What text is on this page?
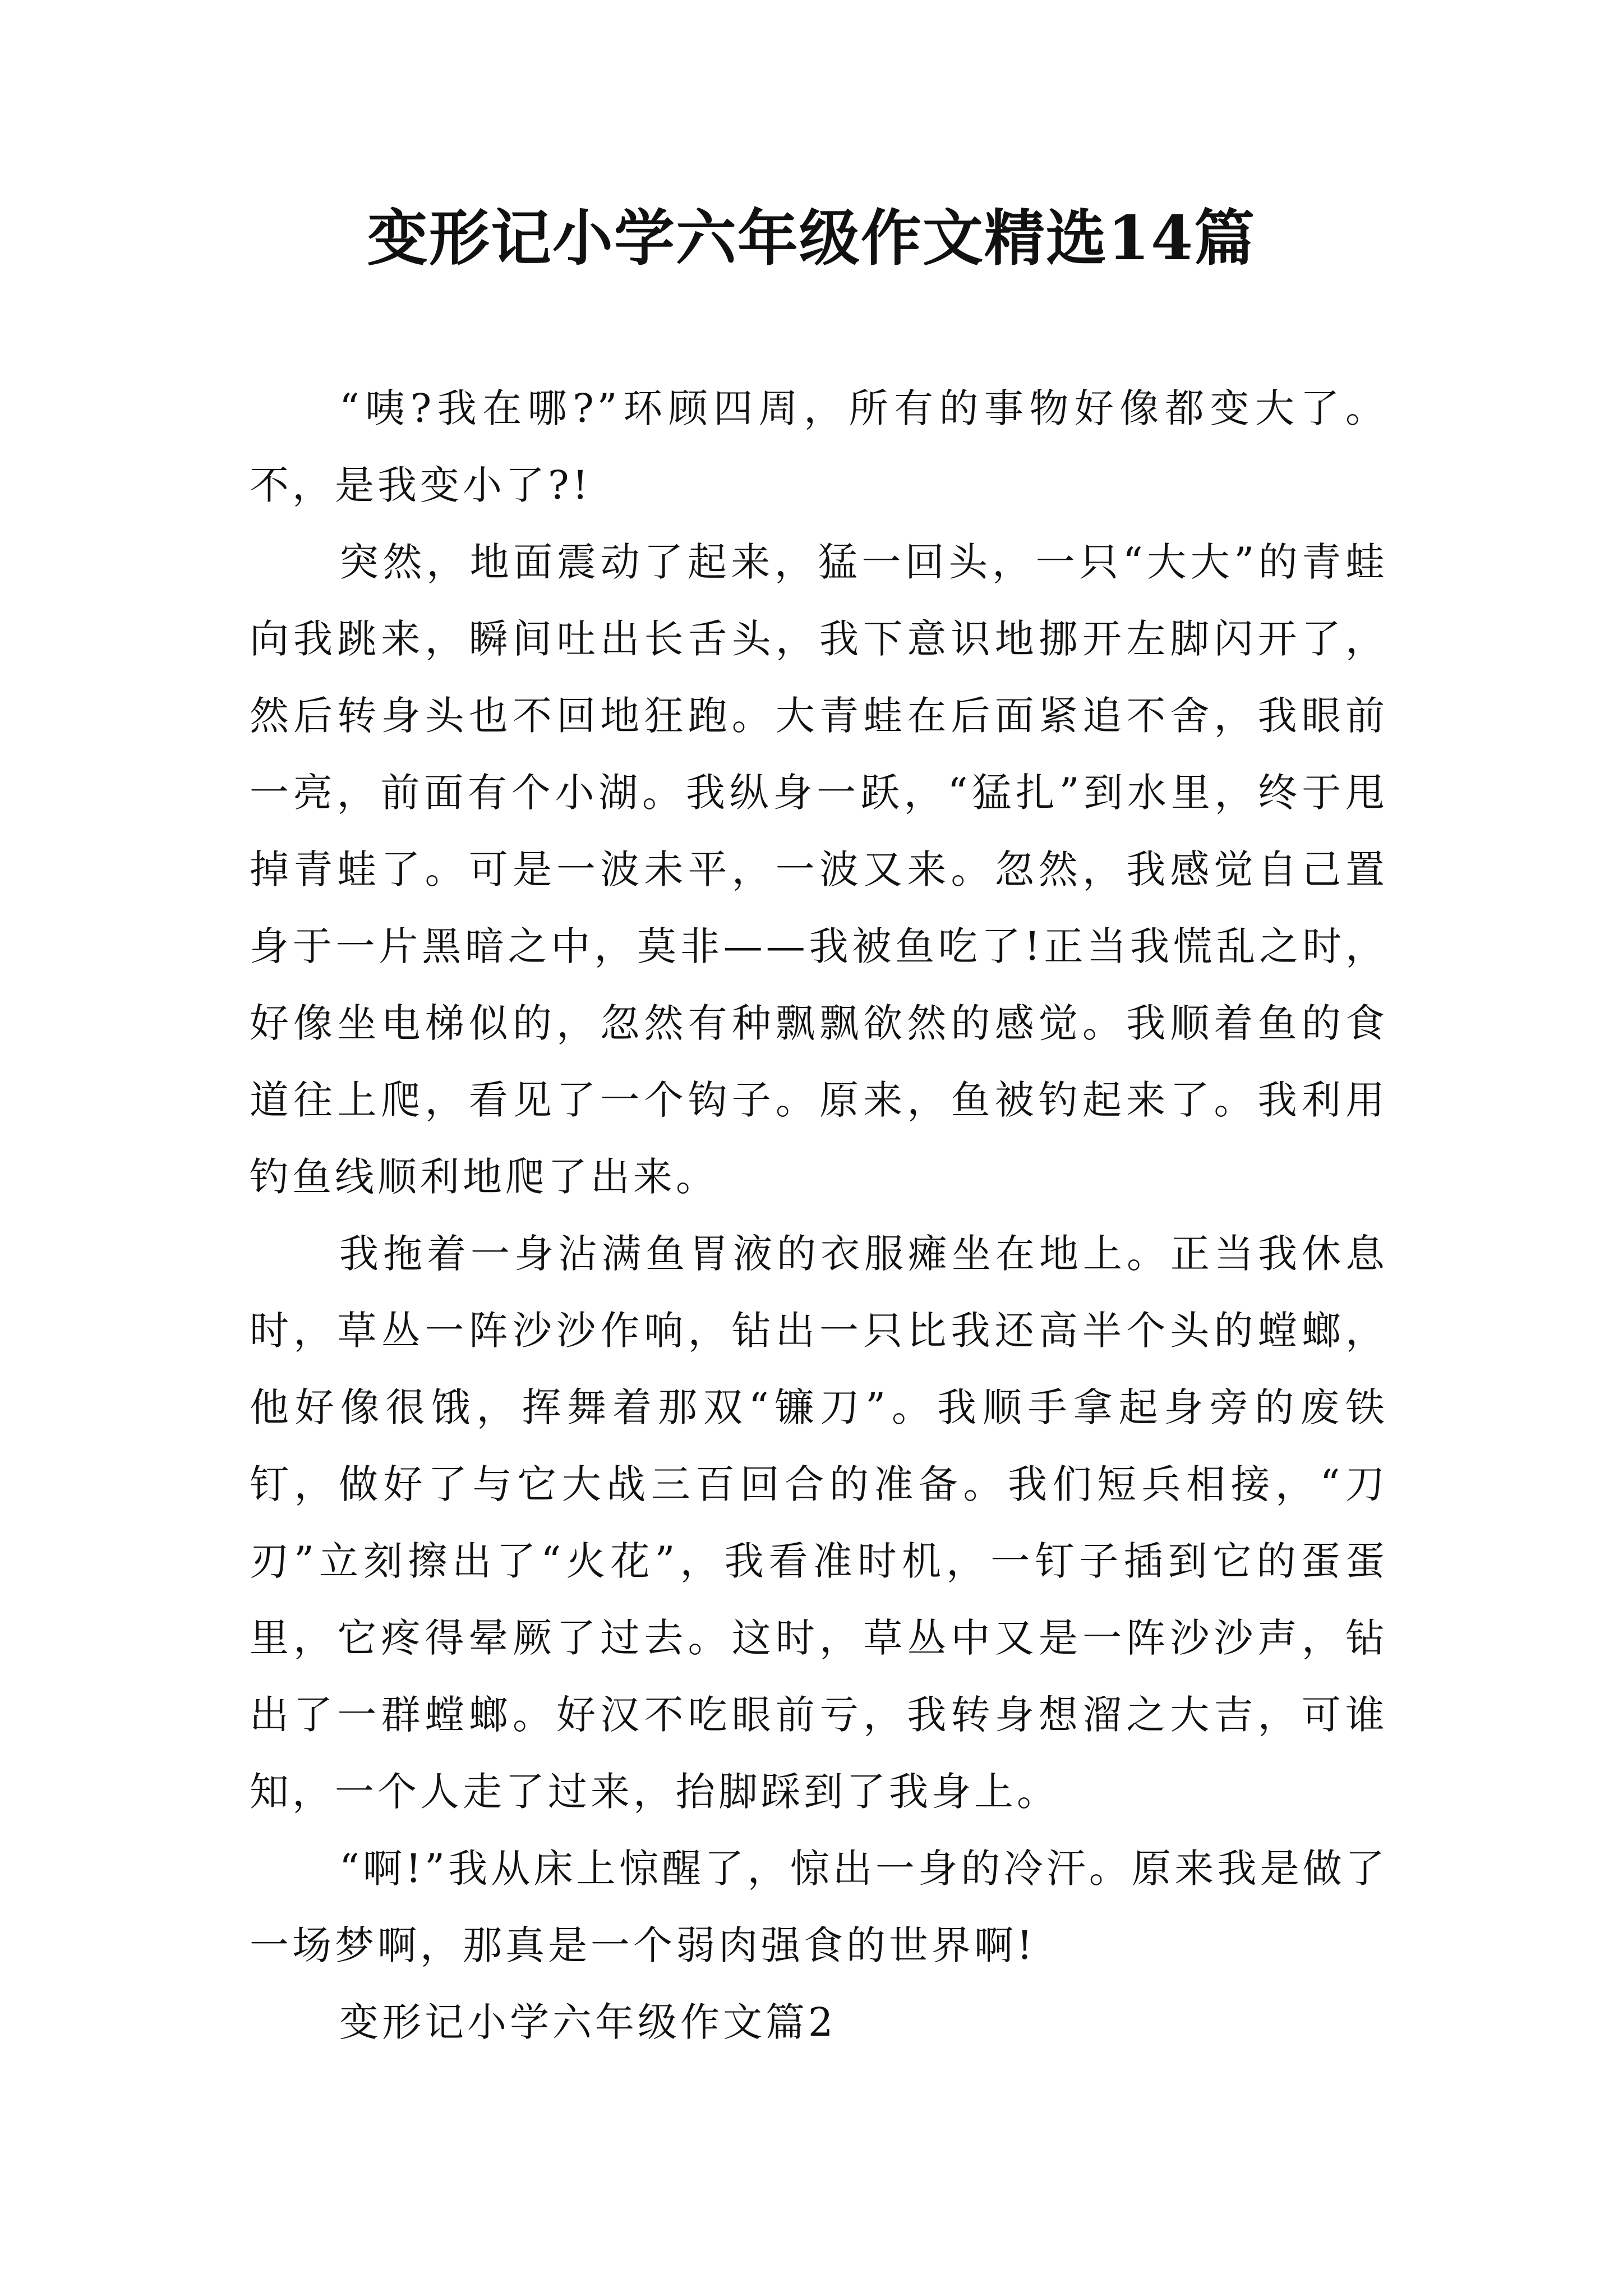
变形记小学六年级作文精选14篇

“咦?我在哪?”环顾四周，所有的事物好像都变大了。不，是我变小了?!

突然，地面震动了起来，猛一回头，一只“大大”的青蛙向我跳来，瞬间吐出长舌头，我下意识地挪开左脚闪开了，然后转身头也不回地狂跑。大青蛙在后面紧追不舍，我眼前一亮，前面有个小湖。我纵身一跃，“猛扎”到水里，终于甩掉青蛙了。可是一波未平，一波又来。忽然，我感觉自己置身于一片黑暗之中，莫非——我被鱼吃了!正当我慌乱之时，好像坐电梯似的，忽然有种飘飘欲然的感觉。我顺着鱼的食道往上爬，看见了一个钩子。原来，鱼被钓起来了。我利用钓鱼线顺利地爬了出来。

我拖着一身沾满鱼胃液的衣服瘫坐在地上。正当我休息时，草丛一阵沙沙作响，钻出一只比我还高半个头的螳螂，他好像很饿，挥舞着那双“镰刀”。我顺手拿起身旁的废铁钉，做好了与它大战三百回合的准备。我们短兵相接，“刀刃”立刻擦出了“火花”，我看准时机，一钉子插到它的蛋蛋里，它疼得晕厥了过去。这时，草丛中又是一阵沙沙声，钻出了一群螳螂。好汉不吃眼前亏，我转身想溜之大吉，可谁知，一个人走了过来，抬脚踩到了我身上。

“啊!”我从床上惊醒了，惊出一身的冷汗。原来我是做了一场梦啊，那真是一个弱肉强食的世界啊!

变形记小学六年级作文篇2
